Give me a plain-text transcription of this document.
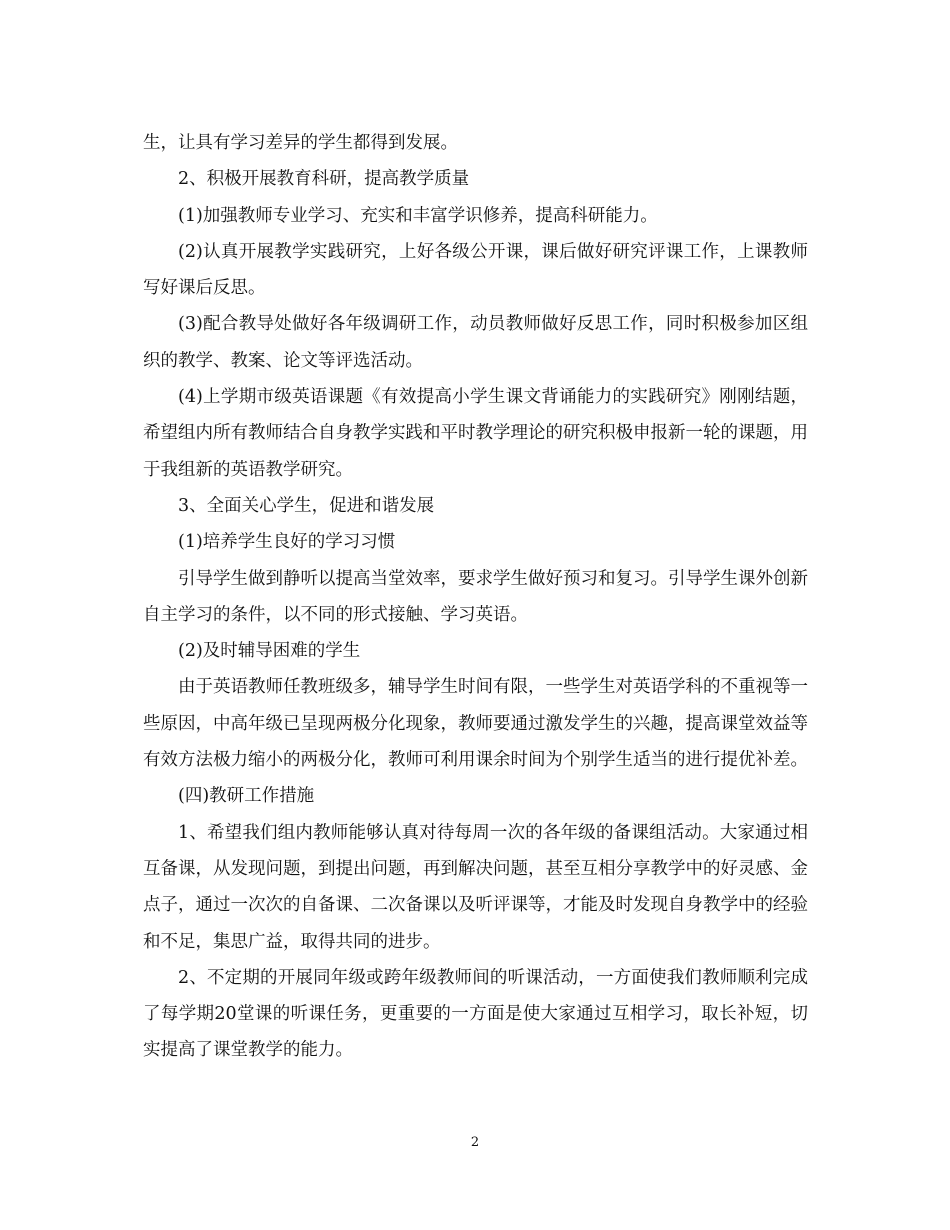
生，让具有学习差异的学生都得到发展。

2、积极开展教育科研，提高教学质量

(1)加强教师专业学习、充实和丰富学识修养，提高科研能力。

(2)认真开展教学实践研究，上好各级公开课，课后做好研究评课工作，上课教师写好课后反思。

(3)配合教导处做好各年级调研工作，动员教师做好反思工作，同时积极参加区组织的教学、教案、论文等评选活动。

(4)上学期市级英语课题《有效提高小学生课文背诵能力的实践研究》刚刚结题，希望组内所有教师结合自身教学实践和平时教学理论的研究积极申报新一轮的课题，用于我组新的英语教学研究。

3、全面关心学生，促进和谐发展

(1)培养学生良好的学习习惯

引导学生做到静听以提高当堂效率，要求学生做好预习和复习。引导学生课外创新自主学习的条件，以不同的形式接触、学习英语。

(2)及时辅导困难的学生

由于英语教师任教班级多，辅导学生时间有限，一些学生对英语学科的不重视等一些原因，中高年级已呈现两极分化现象，教师要通过激发学生的兴趣，提高课堂效益等有效方法极力缩小的两极分化，教师可利用课余时间为个别学生适当的进行提优补差。

(四)教研工作措施

1、希望我们组内教师能够认真对待每周一次的各年级的备课组活动。大家通过相互备课，从发现问题，到提出问题，再到解决问题，甚至互相分享教学中的好灵感、金点子，通过一次次的自备课、二次备课以及听评课等，才能及时发现自身教学中的经验和不足，集思广益，取得共同的进步。

2、不定期的开展同年级或跨年级教师间的听课活动，一方面使我们教师顺利完成了每学期20堂课的听课任务，更重要的一方面是使大家通过互相学习，取长补短，切实提高了课堂教学的能力。

2
